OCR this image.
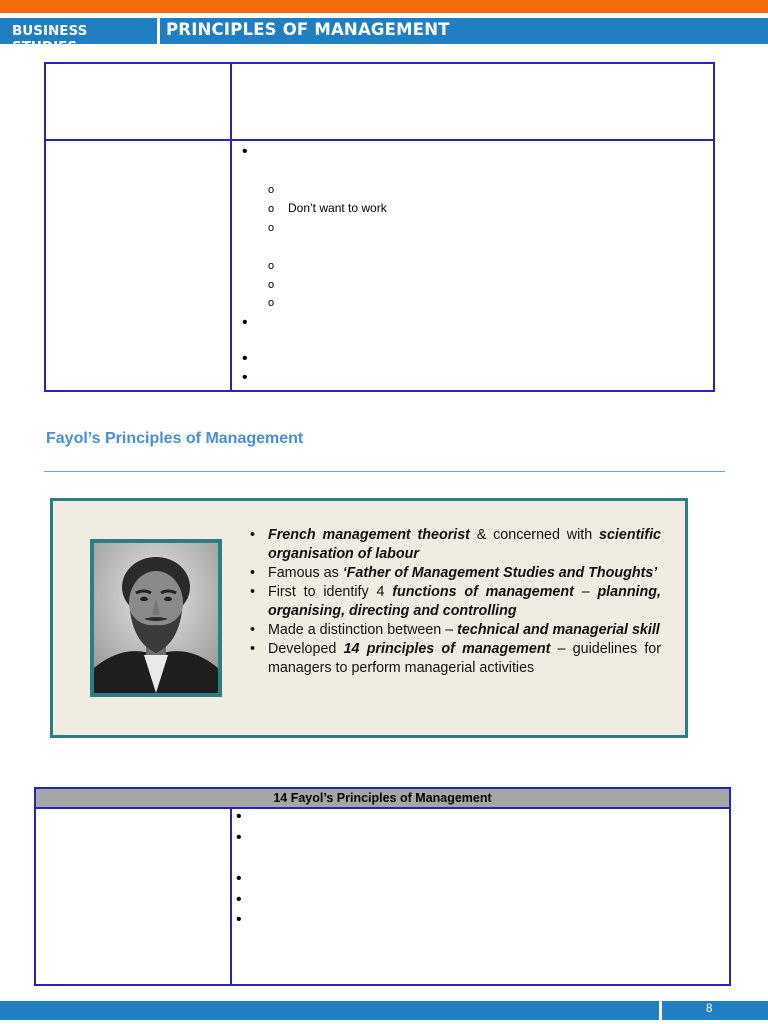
BUSINESS STUDIES
PRINCIPLES OF MANAGEMENT
•
o
o Don’t want to work
o
o
o
o
•
•
•
Fayol’s Principles of Management
• French management theorist & concerned with scientific organisation of labour
• Famous as ‘Father of Management Studies and Thoughts’
• First to identify 4 functions of management – planning, organising, directing and controlling
• Made a distinction between – technical and managerial skill
• Developed 14 principles of management – guidelines for managers to perform managerial activities
14 Fayol’s Principles of Management
•
•
•
•
•
8
